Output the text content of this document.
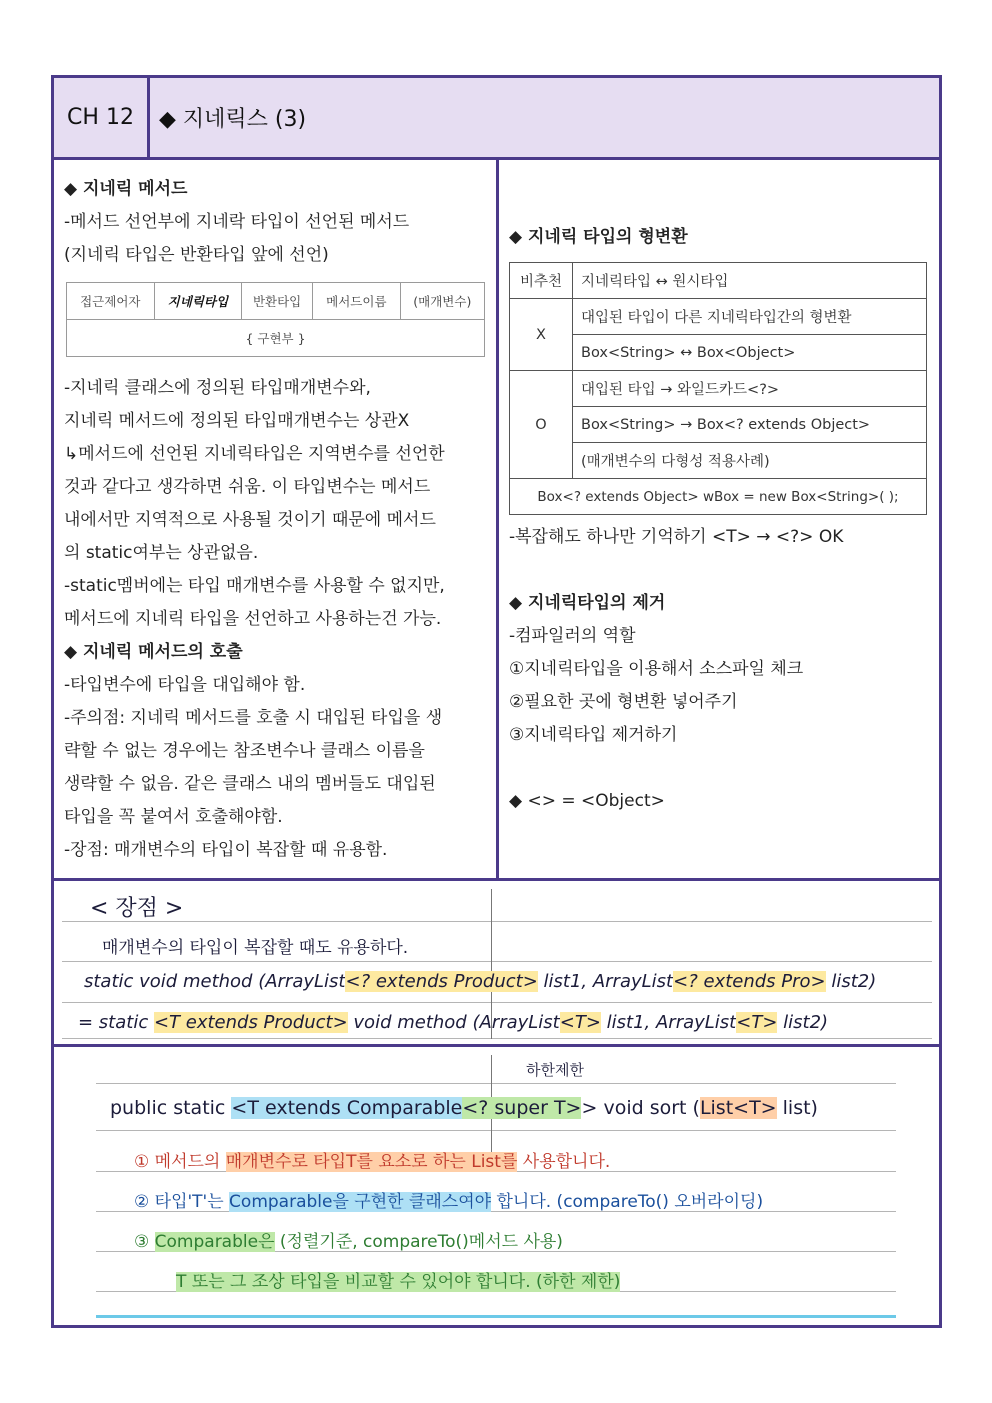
CH 12	◆ 지네릭스 (3)
◆ 지네릭 메서드
-메서드 선언부에 지네락 타입이 선언된 메서드
(지네릭 타입은 반환타입 앞에 선언)
접근제어자	지네릭타입	반환타입	메서드이름	(매개변수)
{ 구현부 }
-지네릭 클래스에 정의된 타입매개변수와,
지네릭 메서드에 정의된 타입매개변수는 상관X
↳메서드에 선언된 지네릭타입은 지역변수를 선언한
것과 같다고 생각하면 쉬움. 이 타입변수는 메서드
내에서만 지역적으로 사용될 것이기 때문에 메서드
의 static여부는 상관없음.
-static멤버에는 타입 매개변수를 사용할 수 없지만,
메서드에 지네릭 타입을 선언하고 사용하는건 가능.
◆ 지네릭 메서드의 호출
-타입변수에 타입을 대입해야 함.
-주의점: 지네릭 메서드를 호출 시 대입된 타입을 생
략할 수 없는 경우에는 참조변수나 클래스 이름을
생략할 수 없음. 같은 클래스 내의 멤버들도 대입된
타입을 꼭 붙여서 호출해야함.
-장점: 매개변수의 타입이 복잡할 때 유용함.
◆ 지네릭 타입의 형변환
비추천	지네릭타입 ↔ 원시타입
X	대입된 타입이 다른 지네릭타입간의 형변환
	Box<String> ↔ Box<Object>
O	대입된 타입 → 와일드카드<?>
	Box<String> → Box<? extends Object>
	(매개변수의 다형성 적용사례)
Box<? extends Object> wBox = new Box<String>( );	
-복잡해도 하나만 기억하기 <T> → <?> OK
◆ 지네릭타입의 제거
-컴파일러의 역할
①지네릭타입을 이용해서 소스파일 체크
②필요한 곳에 형변환 넣어주기
③지네릭타입 제거하기
◆ <> = <Object>
< 장점 >
매개변수의 타입이 복잡할 때도 유용하다.
static void method (ArrayList<? extends Product> list1, ArrayList<? extends Pro> list2)
= static <T extends Product> void method (ArrayList<T> list1, ArrayList<T> list2)
하한제한
public static <T extends Comparable<? super T>> void sort (List<T> list)
① 메서드의 매개변수로 타입T를 요소로 하는 List를 사용합니다.
② 타입'T'는 Comparable을 구현한 클래스여야 합니다. (compareTo() 오버라이딩)
③ Comparable은 (정렬기준, compareTo()메서드 사용)
T 또는 그 조상 타입을 비교할 수 있어야 합니다. (하한 제한)
